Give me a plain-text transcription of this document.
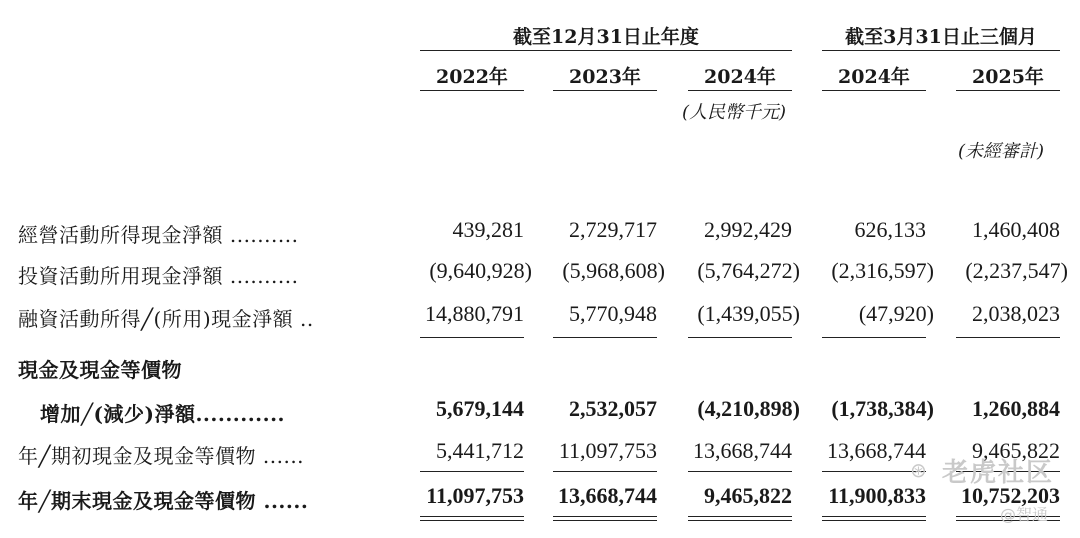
截至12月31日止年度	截至3月31日止三個月
2022年	2023年	2024年	2024年	2025年
(人民幣千元)
(未經審計)
經營活動所得現金淨額 ..........	439,281	2,729,717	2,992,429	626,133	1,460,408
投資活動所用現金淨額 ..........	(9,640,928)	(5,968,608)	(5,764,272)	(2,316,597)	(2,237,547)
融資活動所得╱(所用)現金淨額 ..	14,880,791	5,770,948	(1,439,055)	(47,920)	2,038,023
現金及現金等價物
增加╱(減少)淨額............	5,679,144	2,532,057	(4,210,898)	(1,738,384)	1,260,884
年╱期初現金及現金等價物 ......	5,441,712	11,097,753	13,668,744	13,668,744	9,465,822
年╱期末現金及現金等價物 ......	11,097,753	13,668,744	9,465,822	11,900,833	10,752,203
⊛ 老虎社区
@智通
